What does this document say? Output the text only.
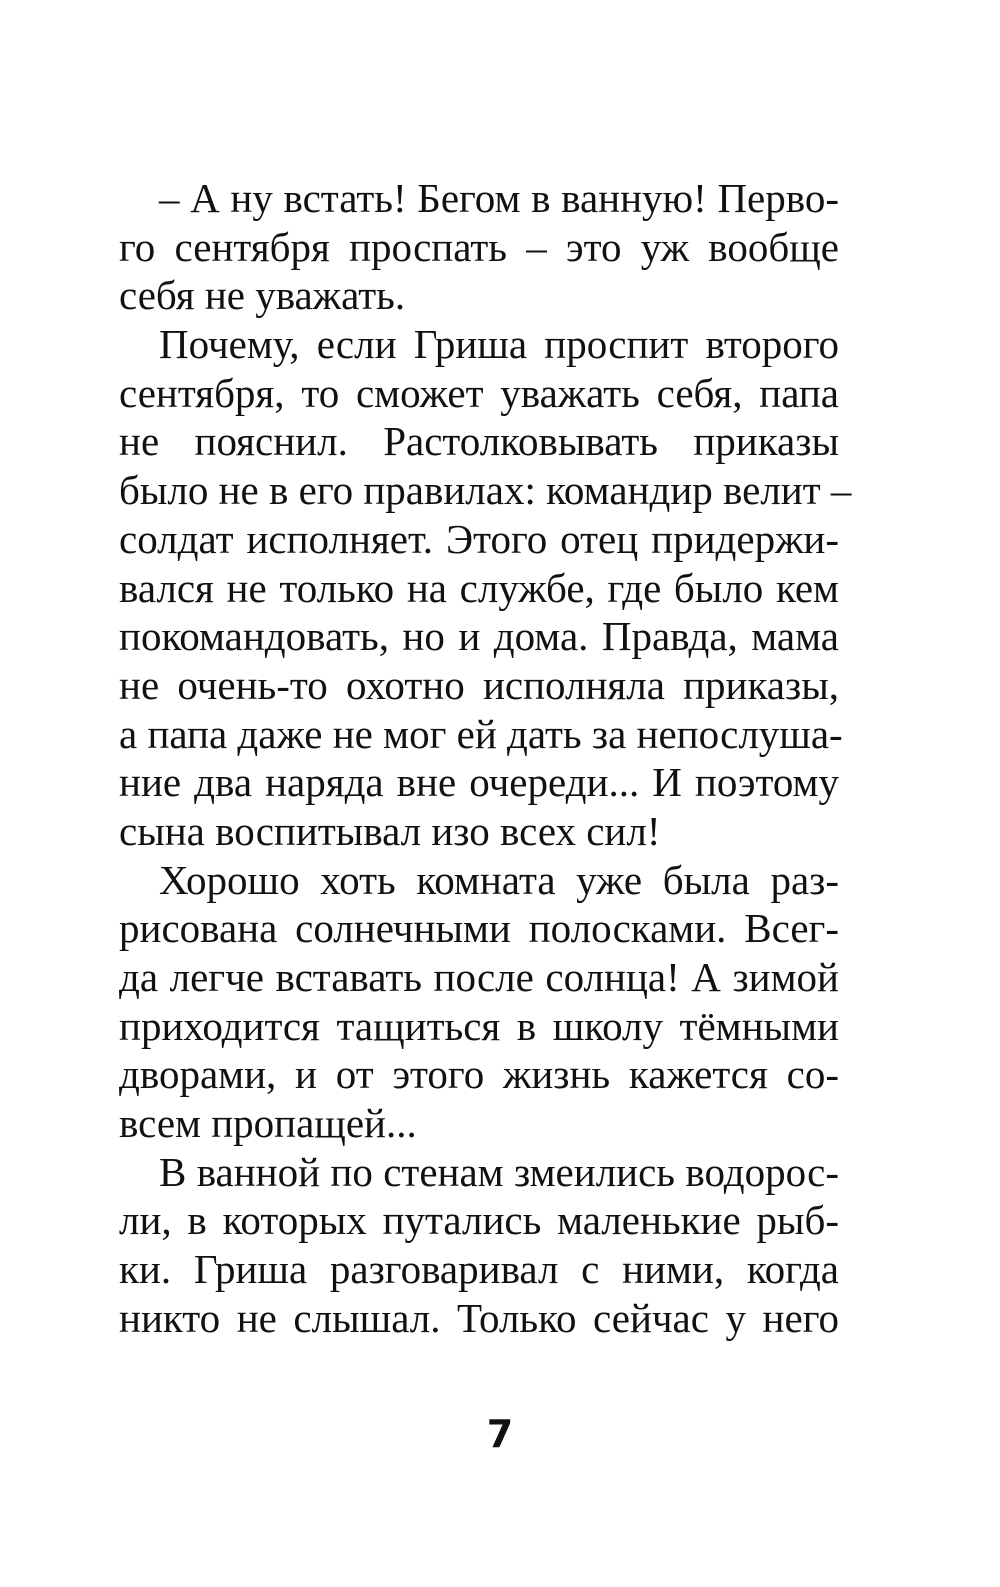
– А ну встать! Бегом в ванную! Перво-
го сентября проспать – это уж вообще
себя не уважать.
Почему, если Гриша проспит второго
сентября, то сможет уважать себя, папа
не пояснил. Растолковывать приказы
было не в его правилах: командир велит –
солдат исполняет. Этого отец придержи-
вался не только на службе, где было кем
покомандовать, но и дома. Правда, мама
не очень-то охотно исполняла приказы,
а папа даже не мог ей дать за непослуша-
ние два наряда вне очереди... И поэтому
сына воспитывал изо всех сил!
Хорошо хоть комната уже была раз-
рисована солнечными полосками. Всег-
да легче вставать после солнца! А зимой
приходится тащиться в школу тёмными
дворами, и от этого жизнь кажется со-
всем пропащей...
В ванной по стенам змеились водорос-
ли, в которых путались маленькие рыб-
ки. Гриша разговаривал с ними, когда
никто не слышал. Только сейчас у него
7
